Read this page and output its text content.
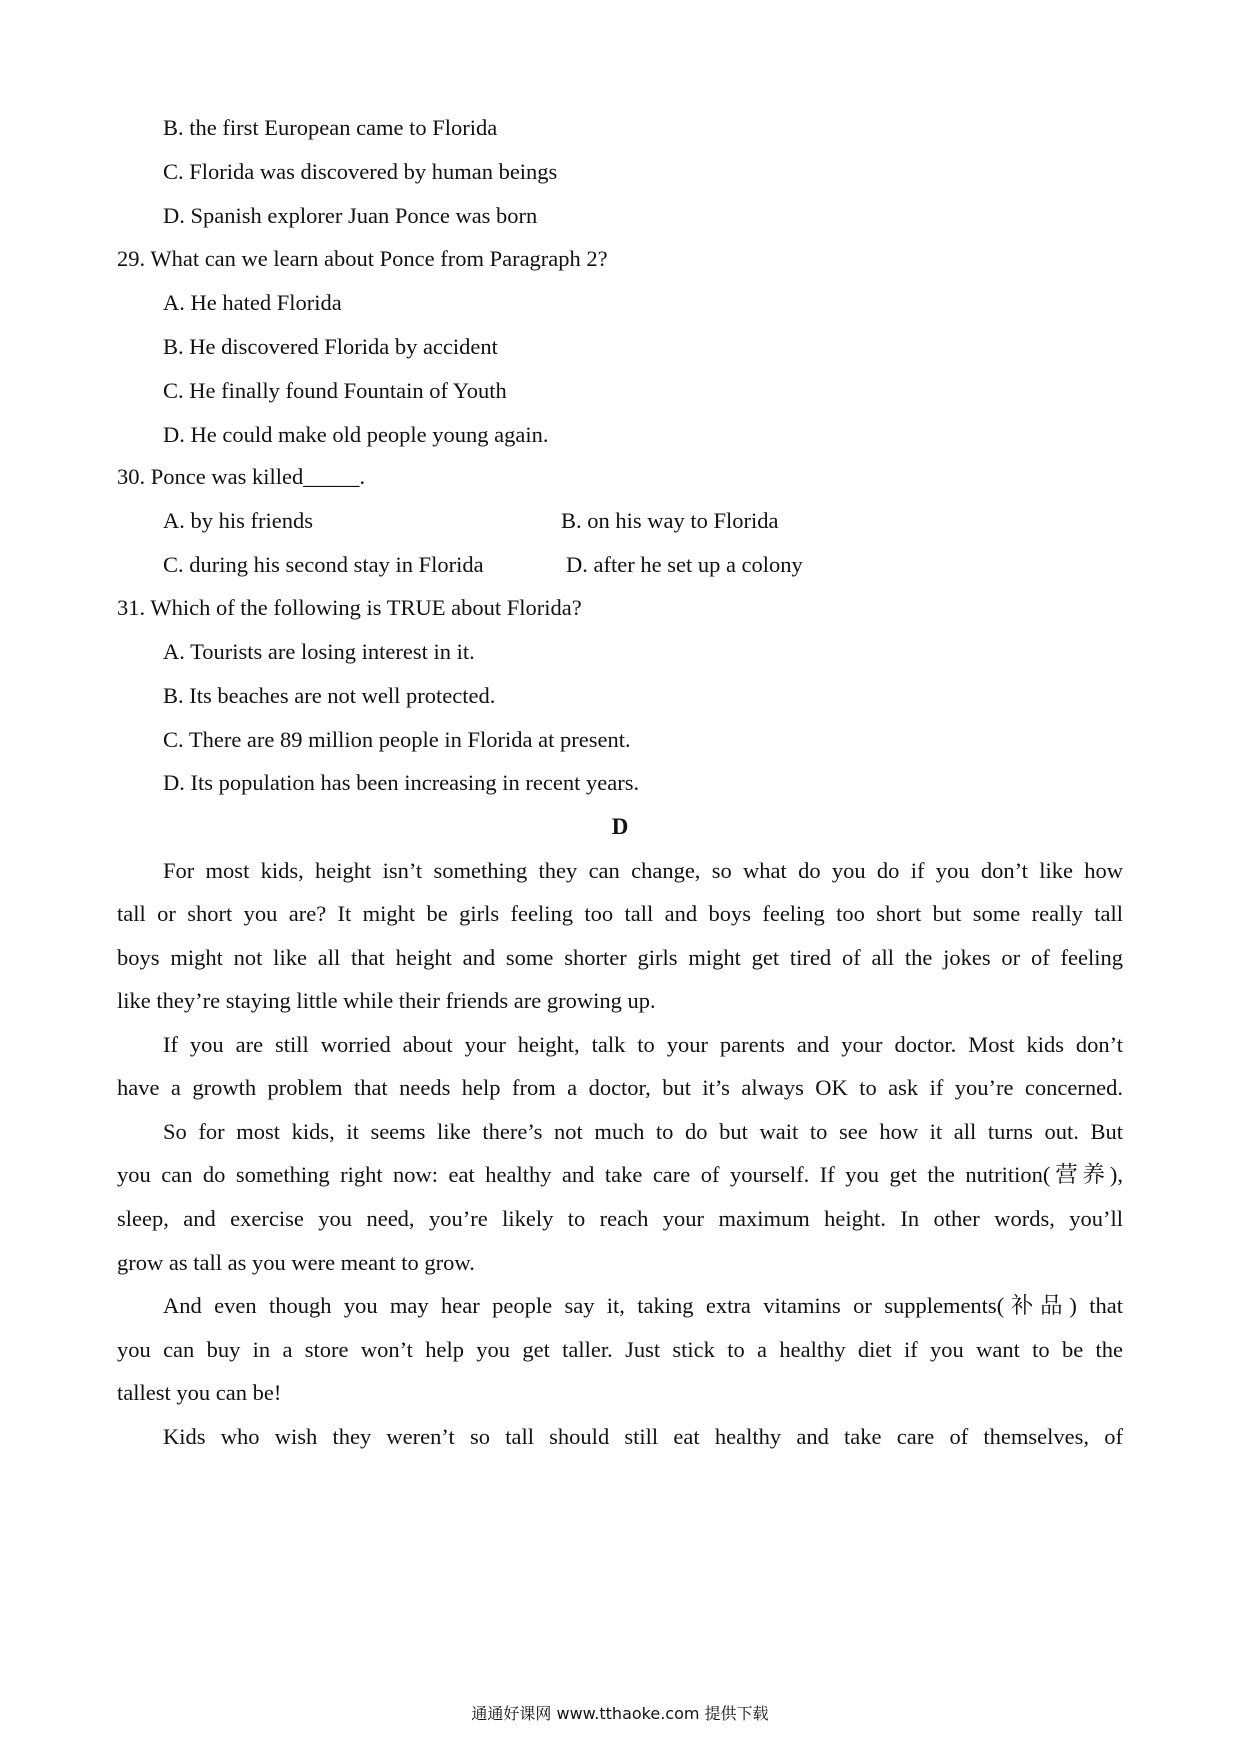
B. the first European came to Florida
C. Florida was discovered by human beings
D. Spanish explorer Juan Ponce was born
29. What can we learn about Ponce from Paragraph 2?
A. He hated Florida
B. He discovered Florida by accident
C. He finally found Fountain of Youth
D. He could make old people young again.
30. Ponce was killed_____.
A. by his friends	B. on his way to Florida
C. during his second stay in Florida	D. after he set up a colony
31. Which of the following is TRUE about Florida?
A. Tourists are losing interest in it.
B. Its beaches are not well protected.
C. There are 89 million people in Florida at present.
D. Its population has been increasing in recent years.
D
For most kids, height isn’t something they can change, so what do you do if you don’t like how
tall or short you are? It might be girls feeling too tall and boys feeling too short but some really tall
boys might not like all that height and some shorter girls might get tired of all the jokes or of feeling
like they’re staying little while their friends are growing up.
If you are still worried about your height, talk to your parents and your doctor. Most kids don’t
have a growth problem that needs help from a doctor, but it’s always OK to ask if you’re concerned.
So for most kids, it seems like there’s not much to do but wait to see how it all turns out. But
you can do something right now: eat healthy and take care of yourself. If you get the nutrition(营养),
sleep, and exercise you need, you’re likely to reach your maximum height. In other words, you’ll
grow as tall as you were meant to grow.
And even though you may hear people say it, taking extra vitamins or supplements(补品) that
you can buy in a store won’t help you get taller. Just stick to a healthy diet if you want to be the
tallest you can be!
Kids who wish they weren’t so tall should still eat healthy and take care of themselves, of
通通好课网 www.tthaoke.com 提供下载
